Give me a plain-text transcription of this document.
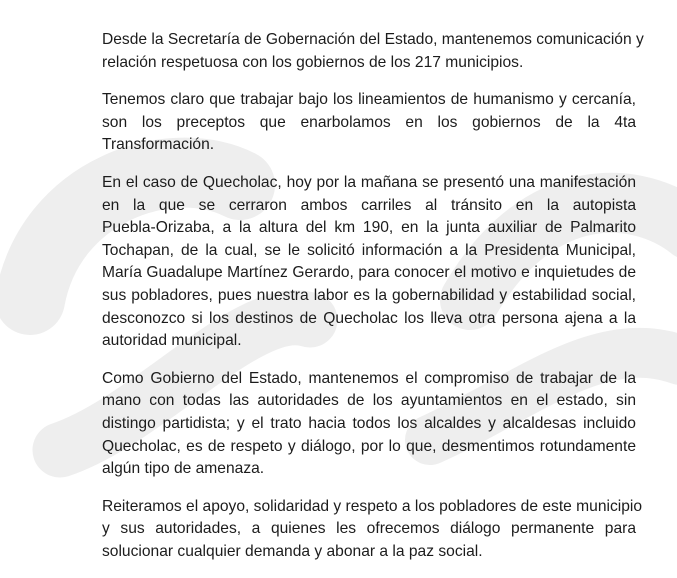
Desde la Secretaría de Gobernación del Estado, mantenemos comunicación y
relación respetuosa con los gobiernos de los 217 municipios.

Tenemos claro que trabajar bajo los lineamientos de humanismo y cercanía,
son los preceptos que enarbolamos en los gobiernos de la 4ta
Transformación.

En el caso de Quecholac, hoy por la mañana se presentó una manifestación
en la que se cerraron ambos carriles al tránsito en la autopista
Puebla-Orizaba, a la altura del km 190, en la junta auxiliar de Palmarito
Tochapan, de la cual, se le solicitó información a la Presidenta Municipal,
María Guadalupe Martínez Gerardo, para conocer el motivo e inquietudes de
sus pobladores, pues nuestra labor es la gobernabilidad y estabilidad social,
desconozco si los destinos de Quecholac los lleva otra persona ajena a la
autoridad municipal.

Como Gobierno del Estado, mantenemos el compromiso de trabajar de la
mano con todas las autoridades de los ayuntamientos en el estado, sin
distingo partidista; y el trato hacia todos los alcaldes y alcaldesas incluido
Quecholac, es de respeto y diálogo, por lo que, desmentimos rotundamente
algún tipo de amenaza.

Reiteramos el apoyo, solidaridad y respeto a los pobladores de este municipio
y sus autoridades, a quienes les ofrecemos diálogo permanente para
solucionar cualquier demanda y abonar a la paz social.
